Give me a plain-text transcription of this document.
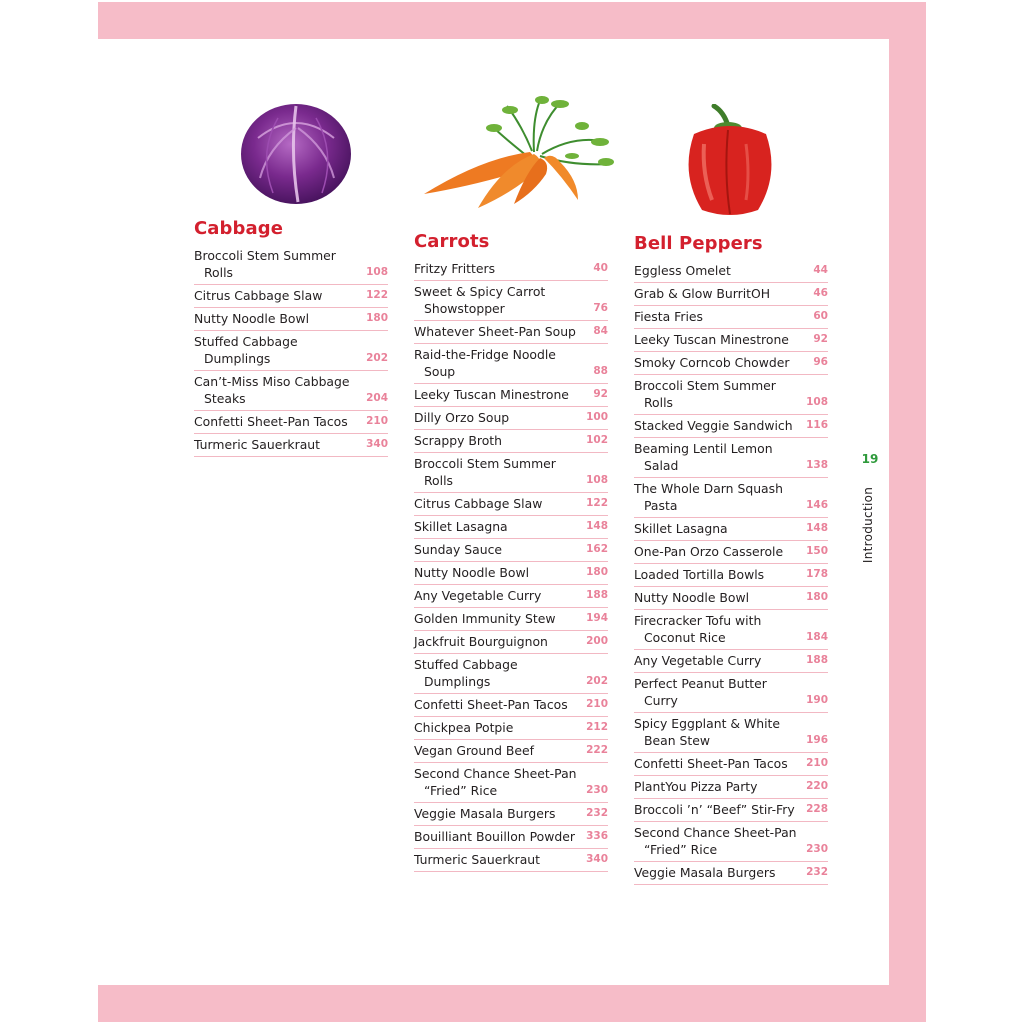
Cabbage
Broccoli Stem Summer Rolls	108
Citrus Cabbage Slaw	122
Nutty Noodle Bowl	180
Stuffed Cabbage Dumplings	202
Can’t-Miss Miso Cabbage Steaks	204
Confetti Sheet-Pan Tacos	210
Turmeric Sauerkraut	340
Carrots
Fritzy Fritters	40
Sweet & Spicy Carrot Showstopper	76
Whatever Sheet-Pan Soup	84
Raid-the-Fridge Noodle Soup	88
Leeky Tuscan Minestrone	92
Dilly Orzo Soup	100
Scrappy Broth	102
Broccoli Stem Summer Rolls	108
Citrus Cabbage Slaw	122
Skillet Lasagna	148
Sunday Sauce	162
Nutty Noodle Bowl	180
Any Vegetable Curry	188
Golden Immunity Stew	194
Jackfruit Bourguignon	200
Stuffed Cabbage Dumplings	202
Confetti Sheet-Pan Tacos	210
Chickpea Potpie	212
Vegan Ground Beef	222
Second Chance Sheet-Pan “Fried” Rice	230
Veggie Masala Burgers	232
Bouilliant Bouillon Powder	336
Turmeric Sauerkraut	340
Bell Peppers
Eggless Omelet	44
Grab & Glow BurritOH	46
Fiesta Fries	60
Leeky Tuscan Minestrone	92
Smoky Corncob Chowder	96
Broccoli Stem Summer Rolls	108
Stacked Veggie Sandwich	116
Beaming Lentil Lemon Salad	138
The Whole Darn Squash Pasta	146
Skillet Lasagna	148
One-Pan Orzo Casserole	150
Loaded Tortilla Bowls	178
Nutty Noodle Bowl	180
Firecracker Tofu with Coconut Rice	184
Any Vegetable Curry	188
Perfect Peanut Butter Curry	190
Spicy Eggplant & White Bean Stew	196
Confetti Sheet-Pan Tacos	210
PlantYou Pizza Party	220
Broccoli ’n’ “Beef” Stir-Fry	228
Second Chance Sheet-Pan “Fried” Rice	230
Veggie Masala Burgers	232
19
Introduction
